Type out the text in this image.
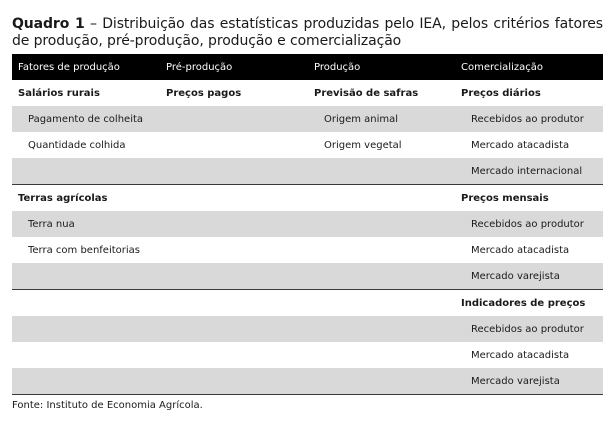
Quadro 1 – Distribuição das estatísticas produzidas pelo IEA, pelos critérios fatores de produção, pré-produção, produção e comercialização
Fatores de produção	Pré-produção	Produção	Comercialização
Salários rurais	Preços pagos	Previsão de safras	Preços diários
Pagamento de colheita		Origem animal	Recebidos ao produtor
Quantidade colhida		Origem vegetal	Mercado atacadista
			Mercado internacional
Terras agrícolas			Preços mensais
Terra nua			Recebidos ao produtor
Terra com benfeitorias			Mercado atacadista
			Mercado varejista
			Indicadores de preços
			Recebidos ao produtor
			Mercado atacadista
			Mercado varejista
Fonte: Instituto de Economia Agrícola.
